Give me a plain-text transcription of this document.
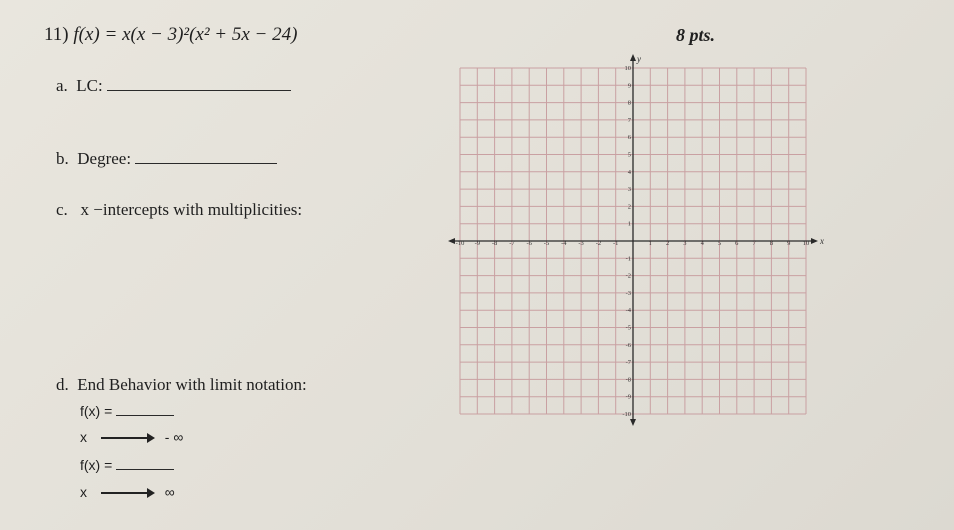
11) f(x) = x(x − 3)²(x² + 5x − 24)	8 pts.
a. LC:
b. Degree:
c. x −intercepts with multiplicities:
d. End Behavior with limit notation:
f(x) =
x	- ∞
f(x) =
x	∞
-10 -9 -8 -7 -6 -5 -4 -3 -2 -1	1 2 3 4 5 6 7 8 9 10
10
9
8
7
6
5
4
3
2
1
-1
-2
-3
-4
-5
-6
-7
-8
-9
-10
x
y
